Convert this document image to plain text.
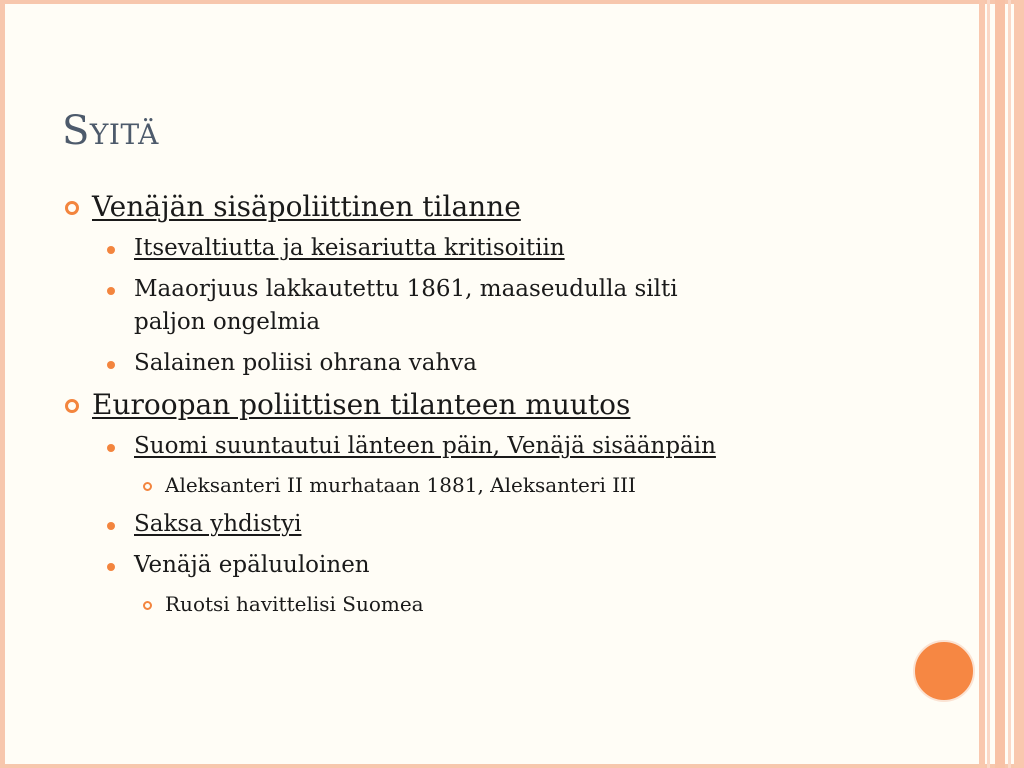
Syitä
Venäjän sisäpoliittinen tilanne
Itsevaltiutta ja keisariutta kritisoitiin
Maaorjuus lakkautettu 1861, maaseudulla silti
paljon ongelmia
Salainen poliisi ohrana vahva
Euroopan poliittisen tilanteen muutos
Suomi suuntautui länteen päin, Venäjä sisäänpäin
Aleksanteri II murhataan 1881, Aleksanteri III
Saksa yhdistyi
Venäjä epäluuloinen
Ruotsi havittelisi Suomea
